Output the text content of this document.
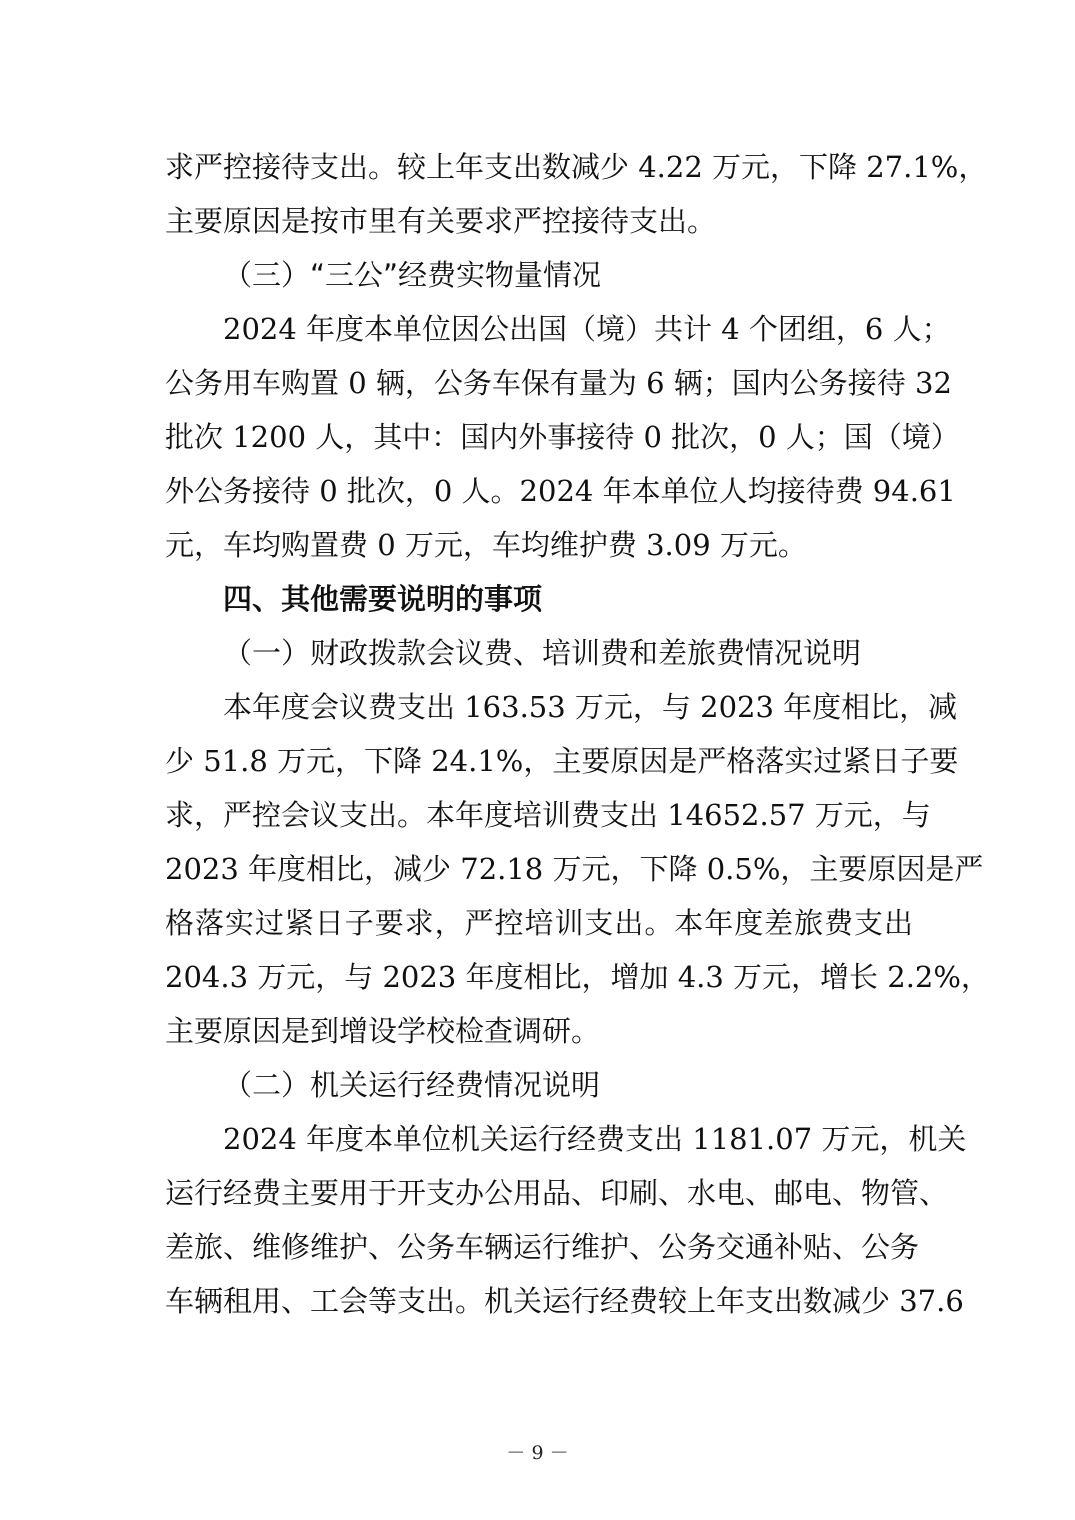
求严控接待支出。较上年支出数减少 4.22 万元，下降 27.1%，
主要原因是按市里有关要求严控接待支出。
（三）“三公”经费实物量情况
2024 年度本单位因公出国（境）共计 4 个团组，6 人；
公务用车购置 0 辆，公务车保有量为 6 辆；国内公务接待 32
批次 1200 人，其中：国内外事接待 0 批次，0 人；国（境）
外公务接待 0 批次，0 人。2024 年本单位人均接待费 94.61
元，车均购置费 0 万元，车均维护费 3.09 万元。
四、其他需要说明的事项
（一）财政拨款会议费、培训费和差旅费情况说明
本年度会议费支出 163.53 万元，与 2023 年度相比，减
少 51.8 万元，下降 24.1%，主要原因是严格落实过紧日子要
求，严控会议支出。本年度培训费支出 14652.57 万元，与
2023 年度相比，减少 72.18 万元，下降 0.5%，主要原因是严
格落实过紧日子要求，严控培训支出。本年度差旅费支出
204.3 万元，与 2023 年度相比，增加 4.3 万元，增长 2.2%，
主要原因是到增设学校检查调研。
（二）机关运行经费情况说明
2024 年度本单位机关运行经费支出 1181.07 万元，机关
运行经费主要用于开支办公用品、印刷、水电、邮电、物管、
差旅、维修维护、公务车辆运行维护、公务交通补贴、公务
车辆租用、工会等支出。机关运行经费较上年支出数减少 37.6
－ 9 －
